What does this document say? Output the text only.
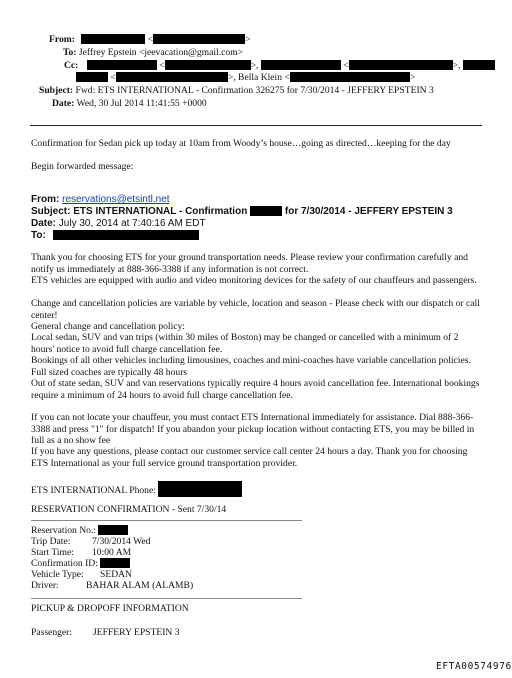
From:	<	>
To: Jeffrey Epstein <jeevacation@gmail.com>
Cc:	<	>,	<	>,
<	>, Bella Klein <	>
Subject: Fwd: ETS INTERNATIONAL - Confirmation 326275 for 7/30/2014 - JEFFERY EPSTEIN 3
Date: Wed, 30 Jul 2014 11:41:55 +0000
Confirmation for Sedan pick up today at 10am from Woody’s house…going as directed…keeping for the day
Begin forwarded message:
From: reservations@etsintl.net
Subject: ETS INTERNATIONAL - Confirmation	for 7/30/2014 - JEFFERY EPSTEIN 3
Date: July 30, 2014 at 7:40:16 AM EDT
To:
Thank you for choosing ETS for your ground transportation needs. Please review your confirmation carefully and notify us immediately at 888-366-3388 if any information is not correct.
ETS vehicles are equipped with audio and video monitoring devices for the safety of our chauffeurs and passengers.
Change and cancellation policies are variable by vehicle, location and season - Please check with our dispatch or call center!
General change and cancellation policy:
Local sedan, SUV and van trips (within 30 miles of Boston) may be changed or cancelled with a minimum of 2 hours' notice to avoid full charge cancellation fee.
Bookings of all other vehicles including limousines, coaches and mini-coaches have variable cancellation policies. Full sized coaches are typically 48 hours
Out of state sedan, SUV and van reservations typically require 4 hours avoid cancellation fee. International bookings require a minimum of 24 hours to avoid full charge cancellation fee.
If you can not locate your chauffeur, you must contact ETS International immediately for assistance. Dial 888-366-3388 and press "1" for dispatch! If you abandon your pickup location without contacting ETS, you may be billed in full as a no show fee
If you have any questions, please contact our customer service call center 24 hours a day. Thank you for choosing ETS International as your full service ground transportation provider.
ETS INTERNATIONAL Phone:
RESERVATION CONFIRMATION - Sent 7/30/14
Reservation No.:
Trip Date: 7/30/2014 Wed
Start Time: 10:00 AM
Confirmation ID:
Vehicle Type: SEDAN
Driver:	BAHAR ALAM (ALAMB)
PICKUP & DROPOFF INFORMATION
Passenger: JEFFERY EPSTEIN 3
EFTA00574976
